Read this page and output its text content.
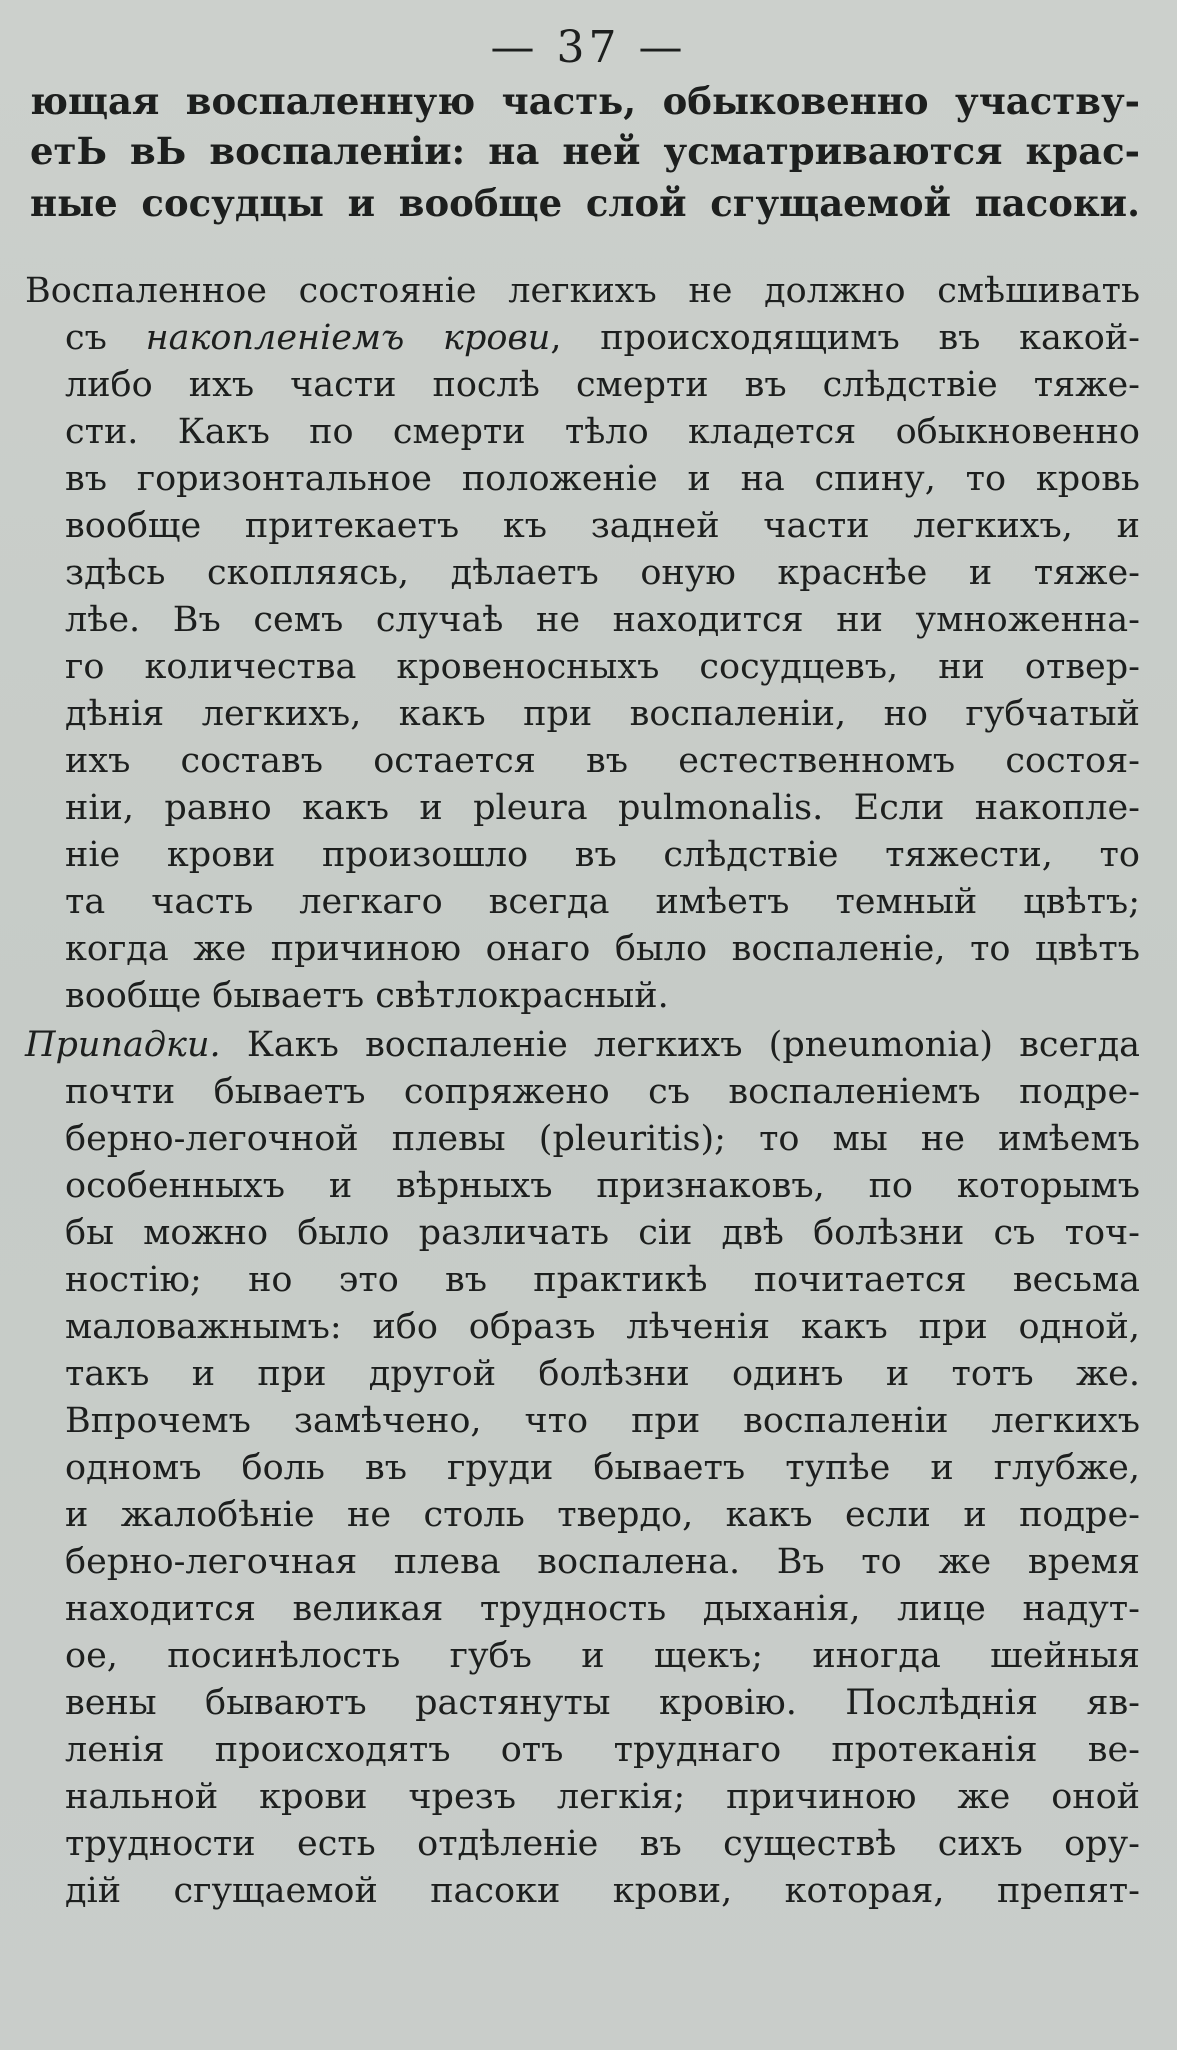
— 37 —
ющая воспаленную часть, обыковенно участву-
етЬ вЬ воспаленіи: на ней усматриваются крас-
ные сосудцы и вообще слой сгущаемой пасоки.
Воспаленное состояніе легкихъ не должно смѣшивать
съ накопленіемъ крови, происходящимъ въ какой-
либо ихъ части послѣ смерти въ слѣдствіе тяже-
сти. Какъ по смерти тѣло кладется обыкновенно
въ горизонтальное положеніе и на спину, то кровь
вообще притекаетъ къ задней части легкихъ, и
здѣсь скопляясь, дѣлаетъ оную краснѣе и тяже-
лѣе. Въ семъ случаѣ не находится ни умноженна-
го количества кровеносныхъ сосудцевъ, ни отвер-
дѣнія легкихъ, какъ при воспаленіи, но губчатый
ихъ составъ остается въ естественномъ состоя-
ніи, равно какъ и pleura pulmonalis. Если накопле-
ніе крови произошло въ слѣдствіе тяжести, то
та часть легкаго всегда имѣетъ темный цвѣтъ;
когда же причиною онаго было воспаленіе, то цвѣтъ
вообще бываетъ свѣтлокрасный.
Припадки. Какъ воспаленіе легкихъ (pneumonia) всегда
почти бываетъ сопряжено съ воспаленіемъ подре-
берно-легочной плевы (pleuritis); то мы не имѣемъ
особенныхъ и вѣрныхъ признаковъ, по которымъ
бы можно было различать сіи двѣ болѣзни съ точ-
ностію; но это въ практикѣ почитается весьма
маловажнымъ: ибо образъ лѣченія какъ при одной,
такъ и при другой болѣзни одинъ и тотъ же.
Впрочемъ замѣчено, что при воспаленіи легкихъ
одномъ боль въ груди бываетъ тупѣе и глубже,
и жалобѣніе не столь твердо, какъ если и подре-
берно-легочная плева воспалена. Въ то же время
находится великая трудность дыханія, лице надут-
ое, посинѣлость губъ и щекъ; иногда шейныя
вены бываютъ растянуты кровію. Послѣднія яв-
ленія происходятъ отъ труднаго протеканія ве-
нальной крови чрезъ легкія; причиною же оной
трудности есть отдѣленіе въ существѣ сихъ ору-
дій сгущаемой пасоки крови, которая, препят-
